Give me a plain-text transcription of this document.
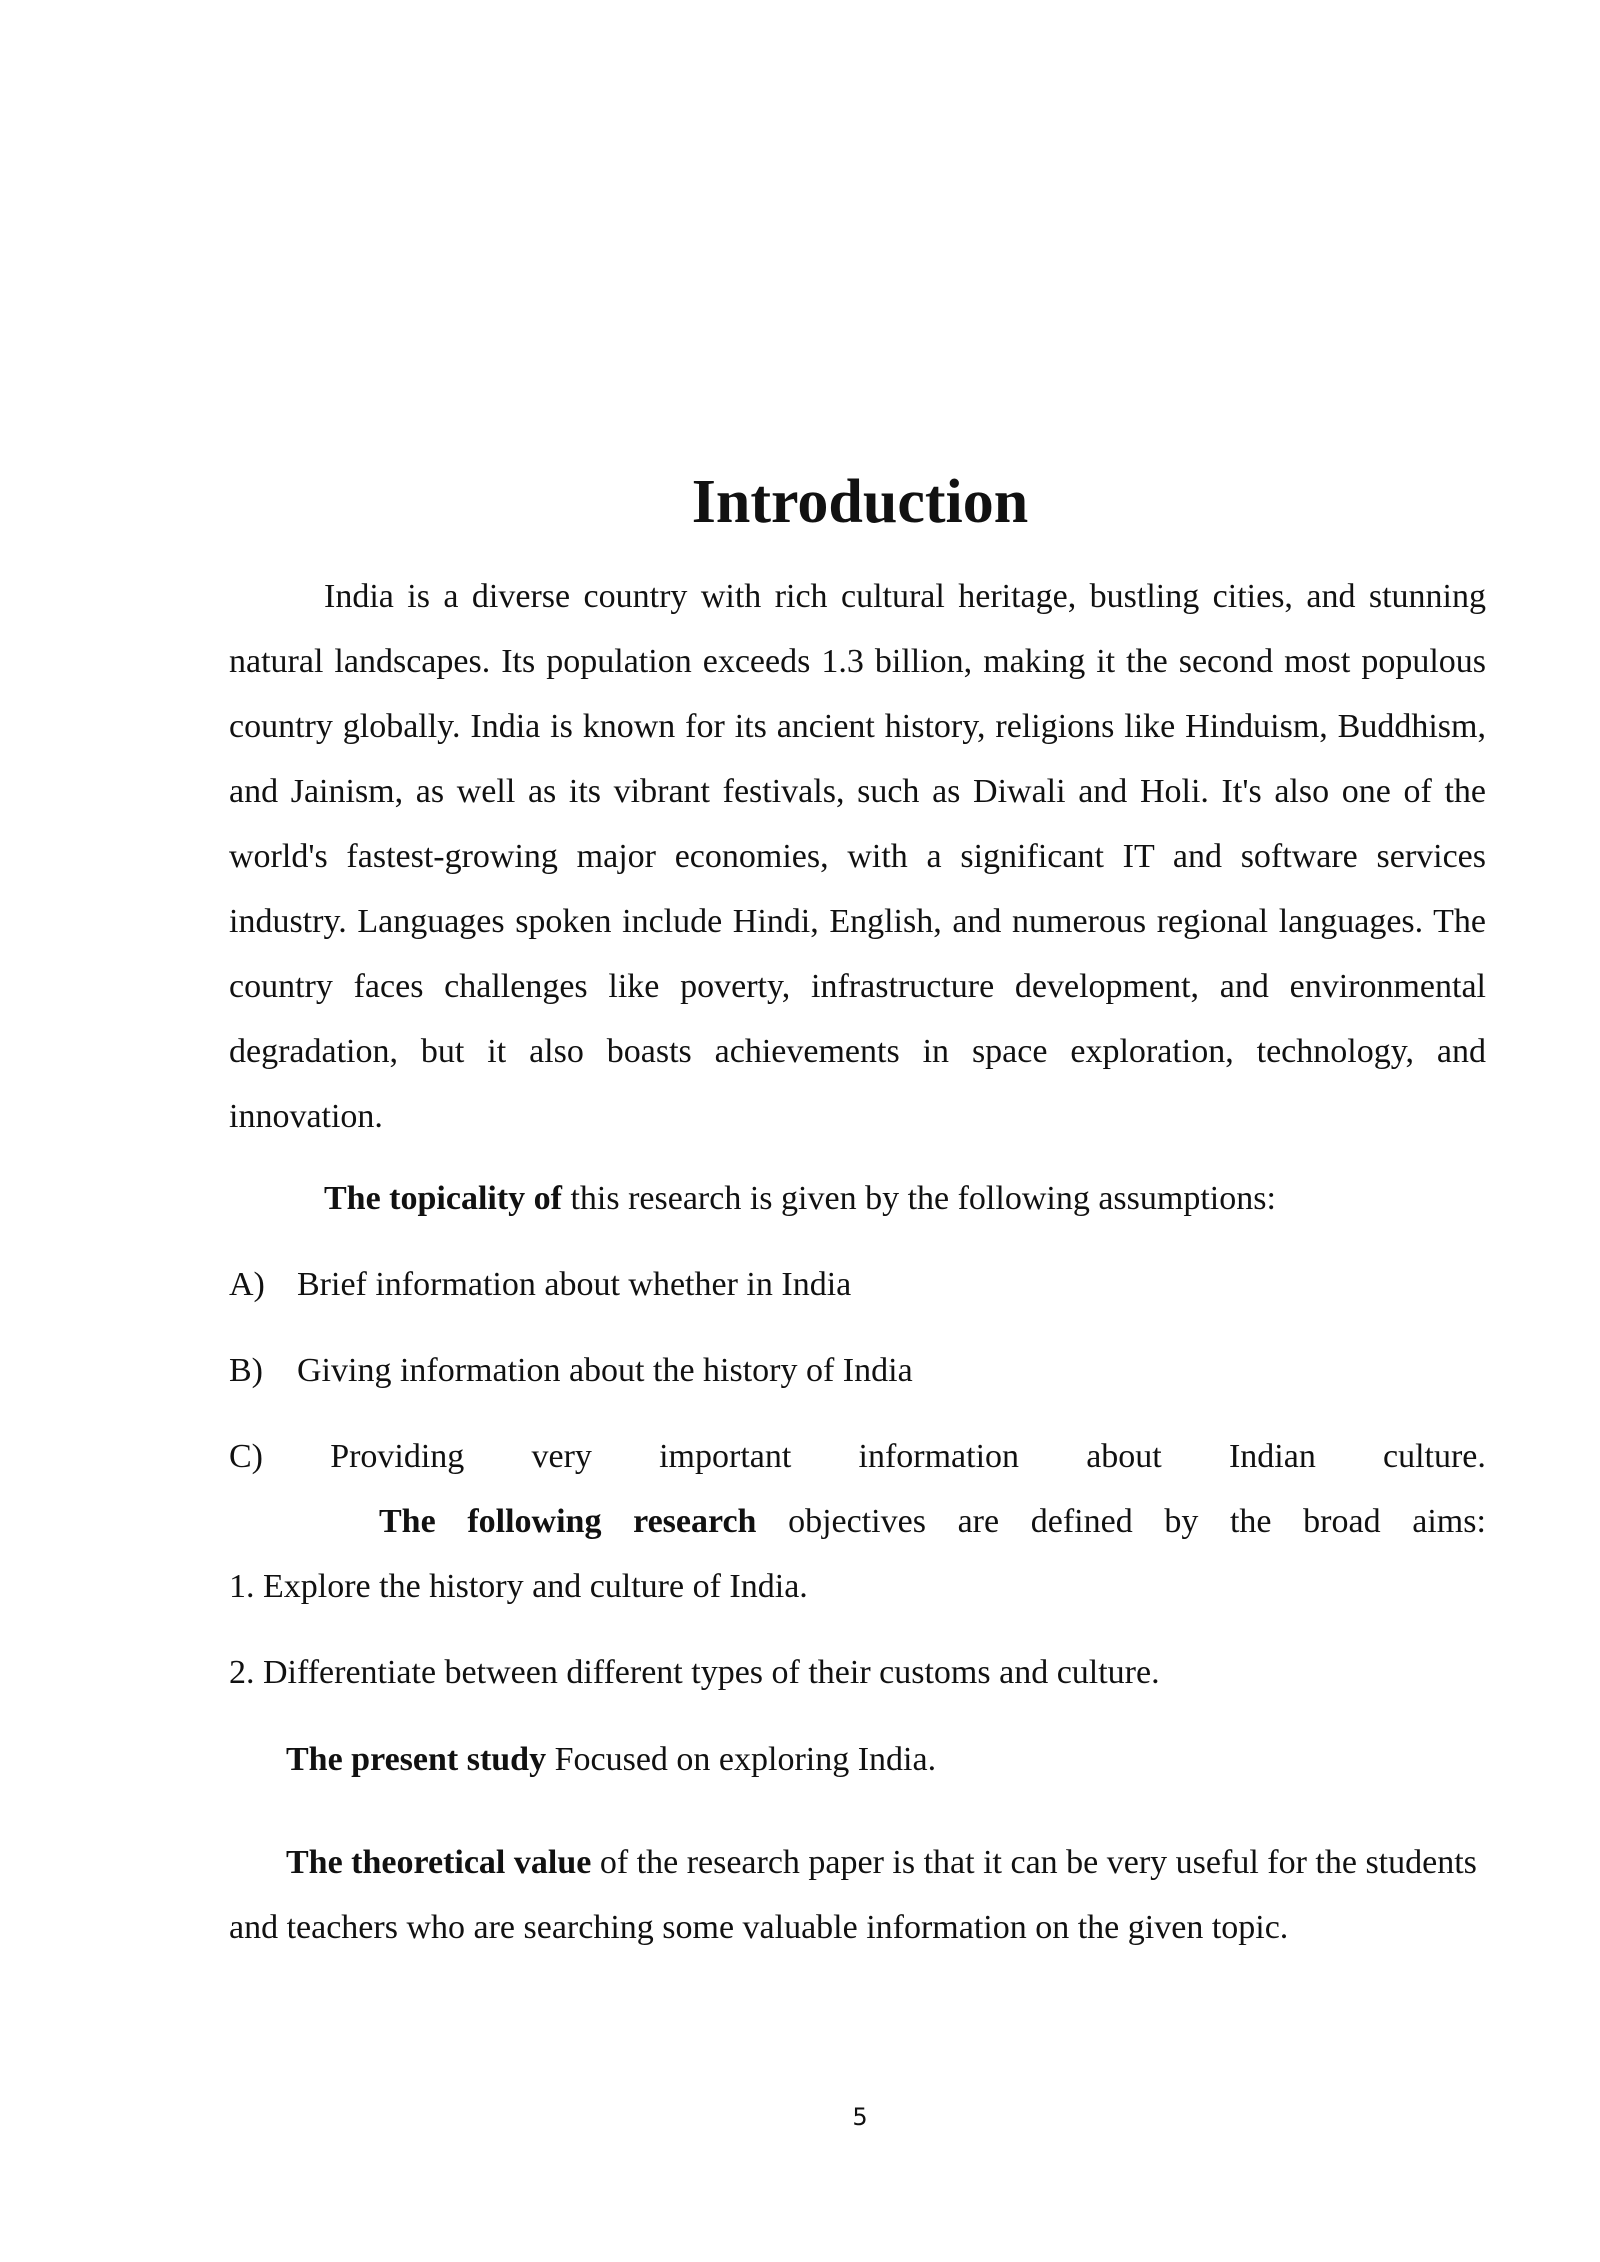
Introduction

India is a diverse country with rich cultural heritage, bustling cities, and stunning natural landscapes. Its population exceeds 1.3 billion, making it the second most populous country globally. India is known for its ancient history, religions like Hinduism, Buddhism, and Jainism, as well as its vibrant festivals, such as Diwali and Holi. It's also one of the world's fastest-growing major economies, with a significant IT and software services industry. Languages spoken include Hindi, English, and numerous regional languages. The country faces challenges like poverty, infrastructure development, and environmental degradation, but it also boasts achievements in space exploration, technology, and innovation.

The topicality of this research is given by the following assumptions:

A) Brief information about whether in India

B) Giving information about the history of India

C) Providing very important information about Indian culture.

The following research objectives are defined by the broad aims:

1. Explore the history and culture of India.

2. Differentiate between different types of their customs and culture.

The present study Focused on exploring India.

The theoretical value of the research paper is that it can be very useful for the students and teachers who are searching some valuable information on the given topic.

5
